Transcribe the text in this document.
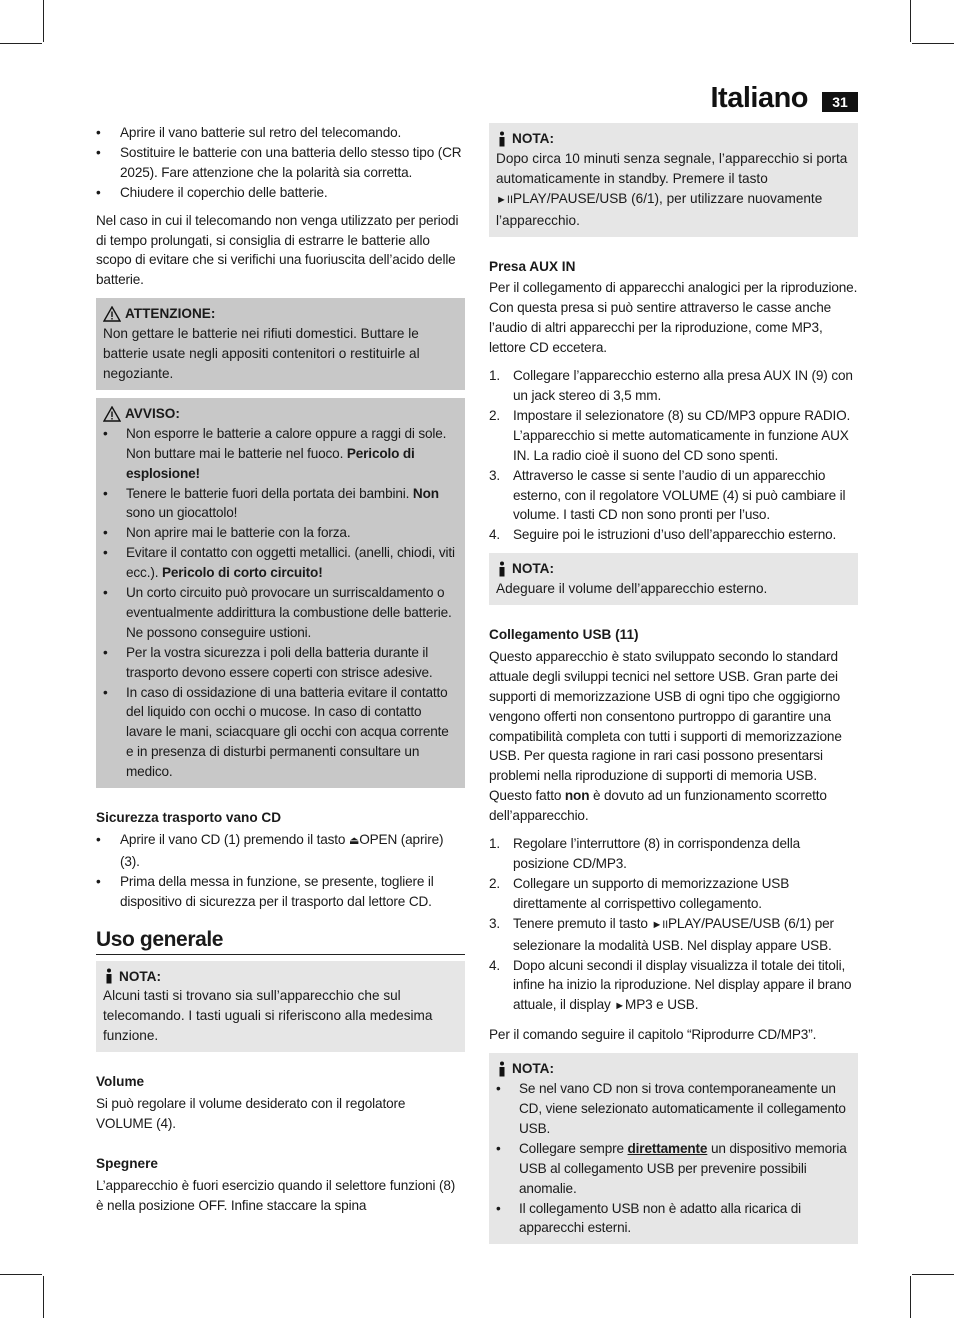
Italiano	31
• Aprire il vano batterie sul retro del telecomando.
• Sostituire le batterie con una batteria dello stesso tipo (CR 2025). Fare attenzione che la polarità sia corretta.
• Chiudere il coperchio delle batterie.

Nel caso in cui il telecomando non venga utilizzato per periodi di tempo prolungati, si consiglia di estrarre le batterie allo scopo di evitare che si verifichi una fuoriuscita dell’acido delle batterie.

ATTENZIONE:
Non gettare le batterie nei rifiuti domestici. Buttare le batterie usate negli appositi contenitori o restituirle al negoziante.
AVVISO:
• Non esporre le batterie a calore oppure a raggi di sole. Non buttare mai le batterie nel fuoco. Pericolo di esplosione!
• Tenere le batterie fuori della portata dei bambini. Non sono un giocattolo!
• Non aprire mai le batterie con la forza.
• Evitare il contatto con oggetti metallici. (anelli, chiodi, viti ecc.). Pericolo di corto circuito!
• Un corto circuito può provocare un surriscaldamento o eventualmente addirittura la combustione delle batterie. Ne possono conseguire ustioni.
• Per la vostra sicurezza i poli della batteria durante il trasporto devono essere coperti con strisce adesive.
• In caso di ossidazione di una batteria evitare il contatto del liquido con occhi o mucose. In caso di contatto lavare le mani, sciacquare gli occhi con acqua corrente e in presenza di disturbi permanenti consultare un medico.
Sicurezza trasporto vano CD
• Aprire il vano CD (1) premendo il tasto ⏏OPEN (aprire) (3).
• Prima della messa in funzione, se presente, togliere il dispositivo di sicurezza per il trasporto dal lettore CD.
Uso generale
NOTA:
Alcuni tasti si trovano sia sull’apparecchio che sul telecomando. I tasti uguali si riferiscono alla medesima funzione.
Volume

Si può regolare il volume desiderato con il regolatore VOLUME (4).

Spegnere

L’apparecchio è fuori esercizio quando il selettore funzioni (8) è nella posizione OFF. Infine staccare la spina

NOTA:
Dopo circa 10 minuti senza segnale, l’apparecchio si porta automaticamente in standby. Premere il tasto ►IIPLAY/PAUSE/USB (6/1), per utilizzare nuovamente l’apparecchio.
Presa AUX IN

Per il collegamento di apparecchi analogici per la riproduzione. Con questa presa si può sentire attraverso le casse anche l’audio di altri apparecchi per la riproduzione, come MP3, lettore CD eccetera.

1. Collegare l’apparecchio esterno alla presa AUX IN (9) con un jack stereo di 3,5 mm.
2. Impostare il selezionatore (8) su CD/MP3 oppure RADIO. L’apparecchio si mette automaticamente in funzione AUX IN. La radio cioè il suono del CD sono spenti.
3. Attraverso le casse si sente l’audio di un apparecchio esterno, con il regolatore VOLUME (4) si può cambiare il volume. I tasti CD non sono pronti per l’uso.
4. Seguire poi le istruzioni d’uso dell’apparecchio esterno.
NOTA:
Adeguare il volume dell’apparecchio esterno.
Collegamento USB (11)

Questo apparecchio è stato sviluppato secondo lo standard attuale degli sviluppi tecnici nel settore USB. Gran parte dei supporti di memorizzazione USB di ogni tipo che oggigiorno vengono offerti non consentono purtroppo di garantire una compatibilità completa con tutti i supporti di memorizzazione USB. Per questa ragione in rari casi possono presentarsi problemi nella riproduzione di supporti di memoria USB. Questo fatto non è dovuto ad un funzionamento scorretto dell’apparecchio.

1. Regolare l’interruttore (8) in corrispondenza della posizione CD/MP3.
2. Collegare un supporto di memorizzazione USB direttamente al corrispettivo collegamento.
3. Tenere premuto il tasto ►IIPLAY/PAUSE/USB (6/1) per selezionare la modalità USB. Nel display appare USB.
4. Dopo alcuni secondi il display visualizza il totale dei titoli, infine ha inizio la riproduzione. Nel display appare il brano attuale, il display ►MP3 e USB.

Per il comando seguire il capitolo “Riprodurre CD/MP3”.

NOTA:
• Se nel vano CD non si trova contemporaneamente un CD, viene selezionato automaticamente il collegamento USB.
• Collegare sempre direttamente un dispositivo memoria USB al collegamento USB per prevenire possibili anomalie.
• Il collegamento USB non è adatto alla ricarica di apparecchi esterni.
